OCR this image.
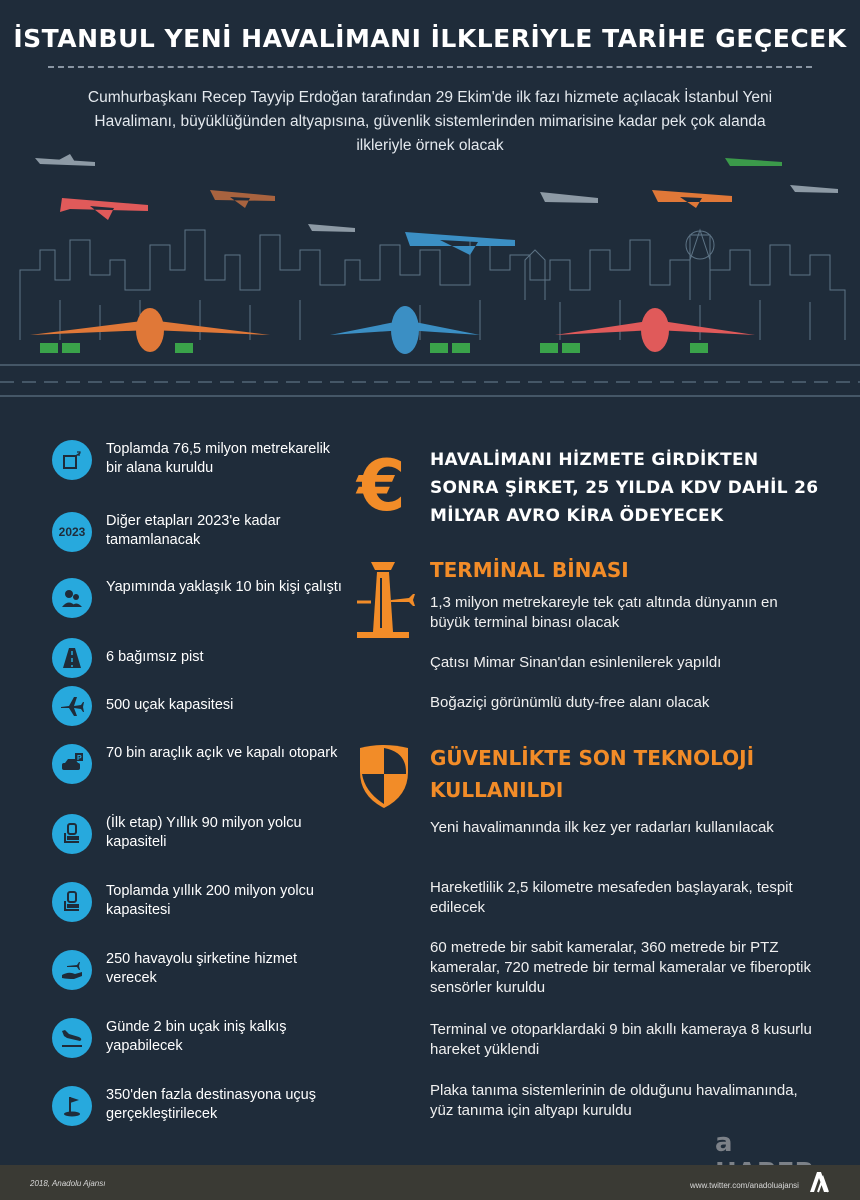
İSTANBUL YENİ HAVALİMANI İLKLERİYLE TARİHE GEÇECEK
Cumhurbaşkanı Recep Tayyip Erdoğan tarafından 29 Ekim'de ilk fazı hizmete açılacak İstanbul Yeni Havalimanı, büyüklüğünden altyapısına, güvenlik sistemlerinden mimarisine kadar pek çok alanda ilkleriyle örnek olacak
Toplamda 76,5 milyon metrekarelik bir alana kuruldu
2023
Diğer etapları 2023'e kadar tamamlanacak
Yapımında yaklaşık 10 bin kişi çalıştı
6 bağımsız pist
500 uçak kapasitesi
P 70 bin araçlık açık ve kapalı otopark
(İlk etap) Yıllık 90 milyon yolcu kapasiteli
Toplamda yıllık 200 milyon yolcu kapasitesi
250 havayolu şirketine hizmet verecek
Günde 2 bin uçak iniş kalkış yapabilecek
350'den fazla destinasyona uçuş gerçekleştirilecek
€ HAVALİMANI HİZMETE GİRDİKTEN SONRA ŞİRKET, 25 YILDA KDV DAHİL 26 MİLYAR AVRO KİRA ÖDEYECEK
TERMİNAL BİNASI
1,3 milyon metrekareyle tek çatı altında dünyanın en büyük terminal binası olacak
Çatısı Mimar Sinan'dan esinlenilerek yapıldı
Boğaziçi görünümlü duty-free alanı olacak
GÜVENLİKTE SON TEKNOLOJİ KULLANILDI
Yeni havalimanında ilk kez yer radarları kullanılacak
Hareketlilik 2,5 kilometre mesafeden başlayarak, tespit edilecek
60 metrede bir sabit kameralar, 360 metrede bir PTZ kameralar, 720 metrede bir termal kameralar ve fiberoptik sensörler kuruldu
Terminal ve otoparklardaki 9 bin akıllı kameraya 8 kusurlu hareket yüklendi
Plaka tanıma sistemlerinin de olduğunu havalimanında, yüz tanıma için altyapı kuruldu
a
2018, Anadolu Ajansı	www.twitter.com/anadoluajansi
